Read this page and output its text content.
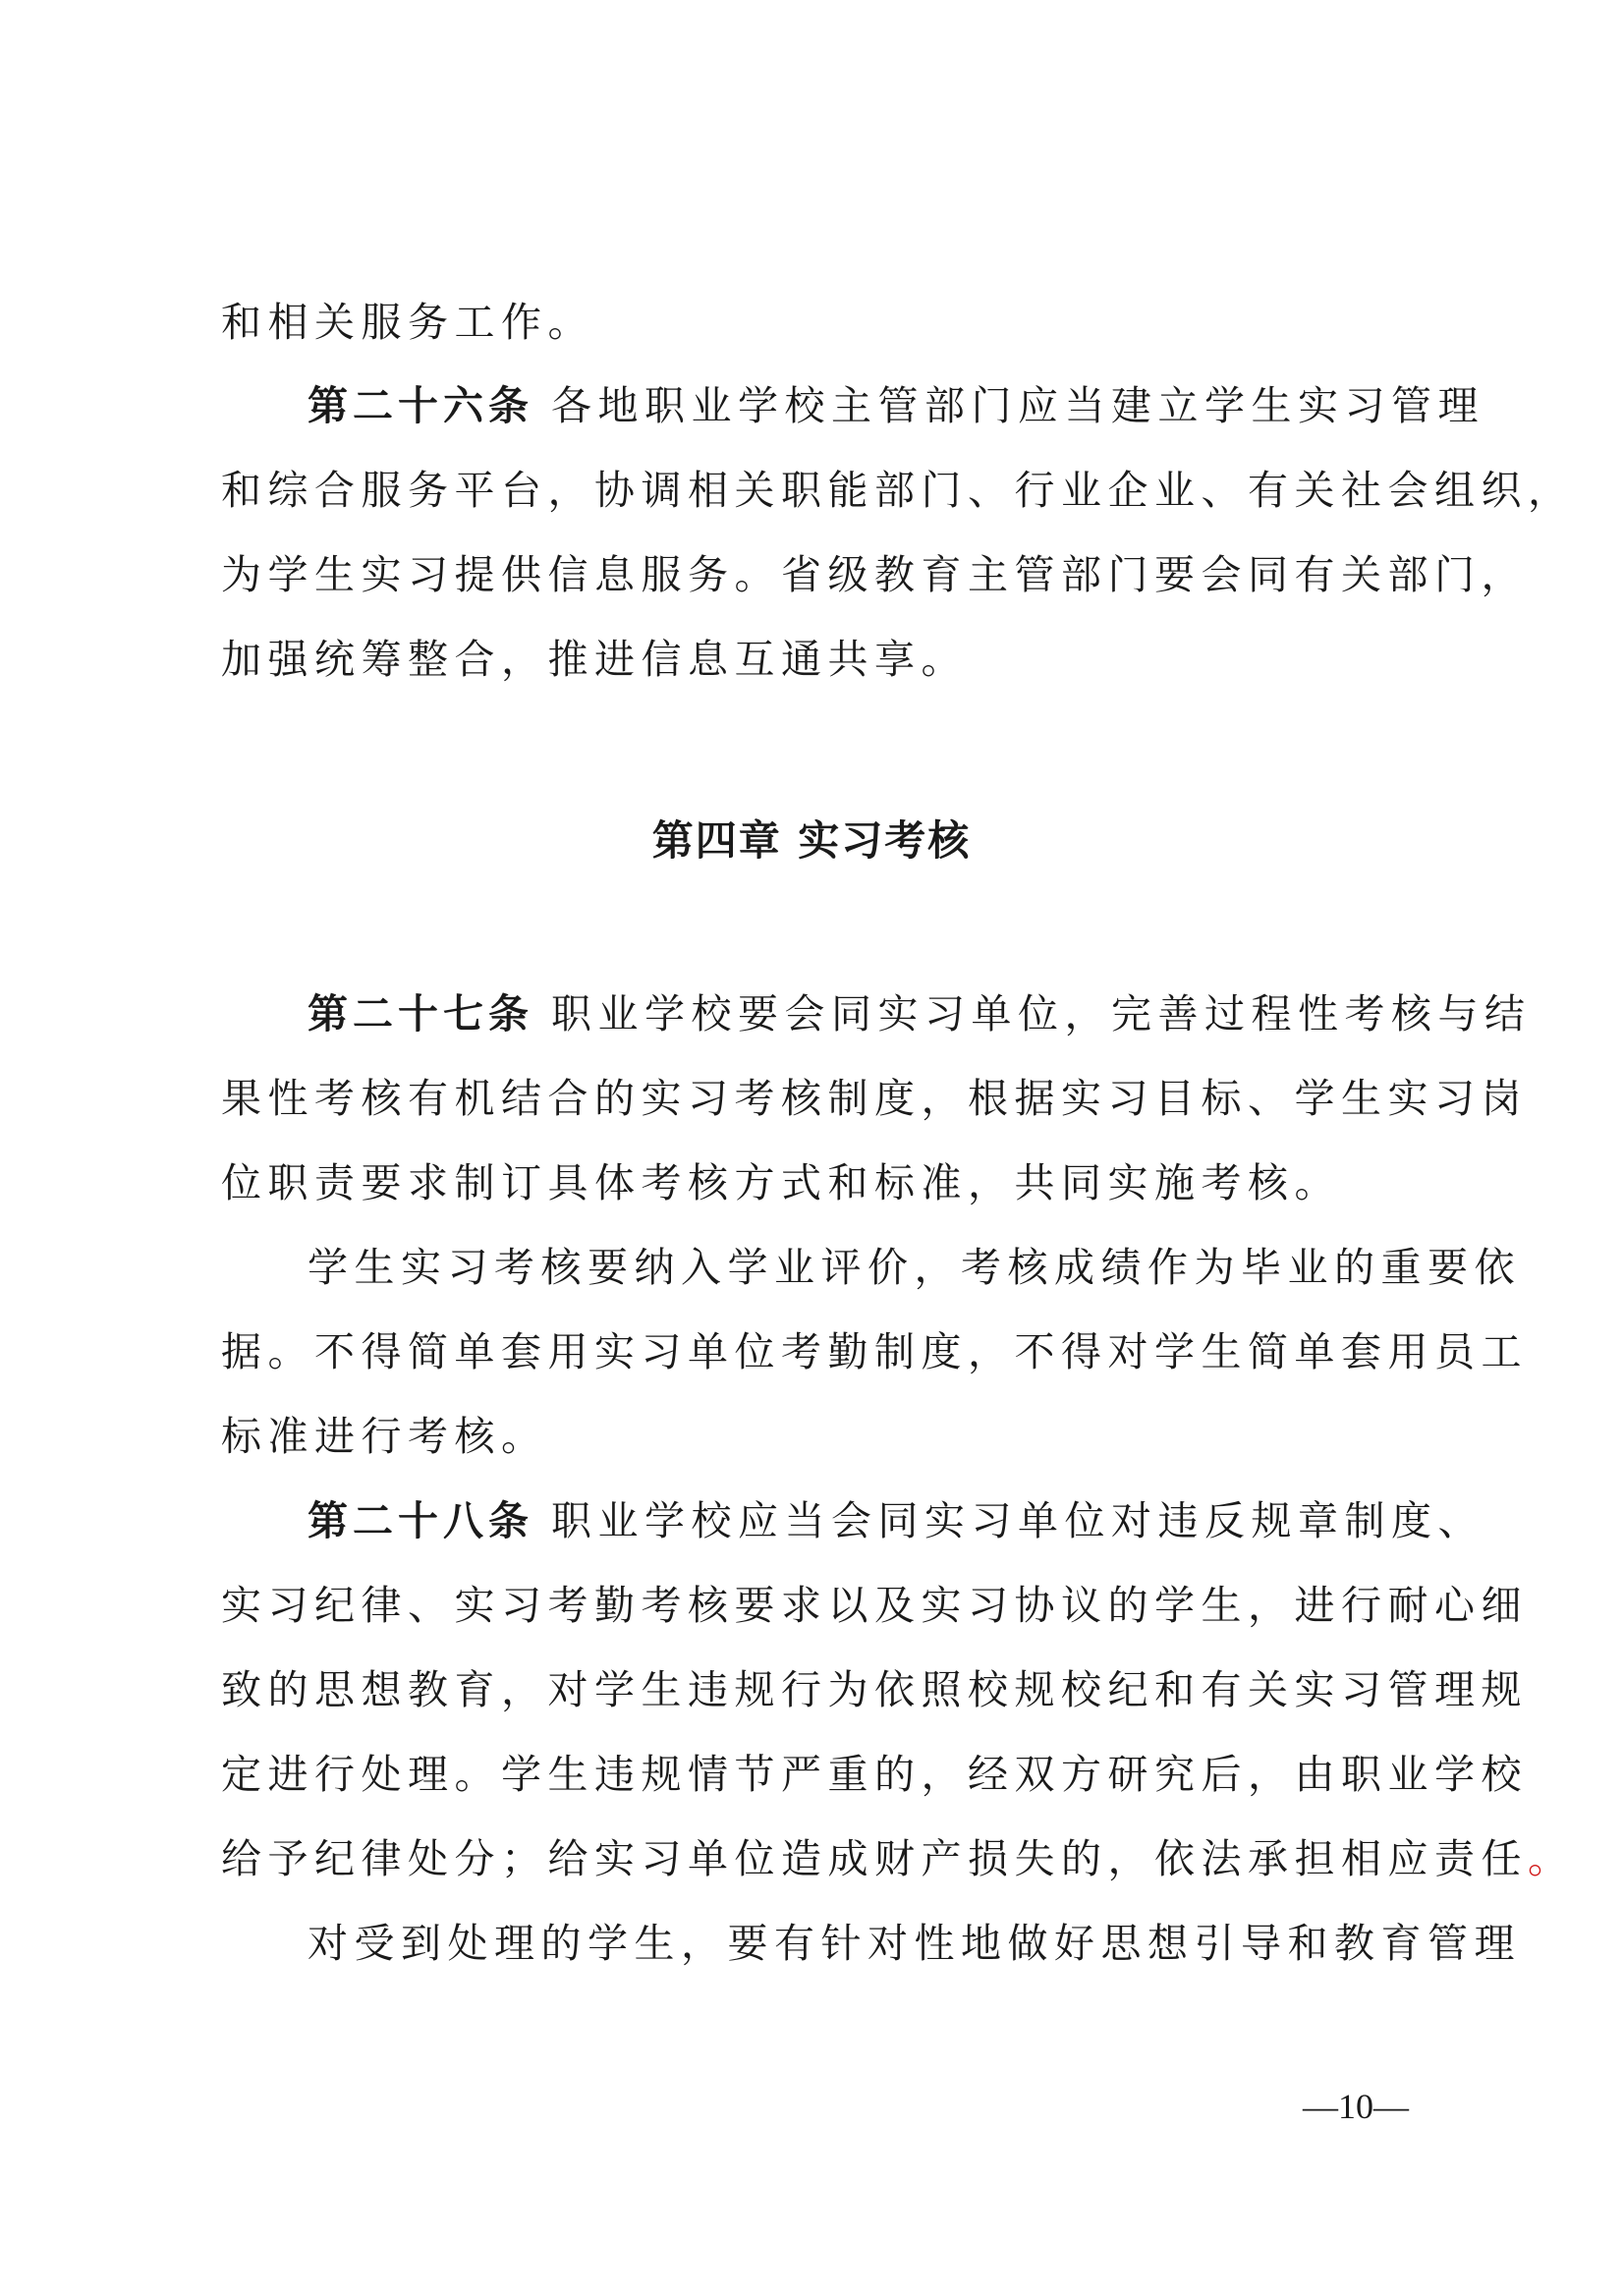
和相关服务工作。
第二十六条 各地职业学校主管部门应当建立学生实习管理
和综合服务平台，协调相关职能部门、行业企业、有关社会组织，
为学生实习提供信息服务。省级教育主管部门要会同有关部门，
加强统筹整合，推进信息互通共享。
第四章 实习考核
第二十七条 职业学校要会同实习单位，完善过程性考核与结
果性考核有机结合的实习考核制度，根据实习目标、学生实习岗
位职责要求制订具体考核方式和标准，共同实施考核。
学生实习考核要纳入学业评价，考核成绩作为毕业的重要依
据。不得简单套用实习单位考勤制度，不得对学生简单套用员工
标准进行考核。
第二十八条 职业学校应当会同实习单位对违反规章制度、
实习纪律、实习考勤考核要求以及实习协议的学生，进行耐心细
致的思想教育，对学生违规行为依照校规校纪和有关实习管理规
定进行处理。学生违规情节严重的，经双方研究后，由职业学校
给予纪律处分；给实习单位造成财产损失的，依法承担相应责任。
对受到处理的学生，要有针对性地做好思想引导和教育管理
—10—
